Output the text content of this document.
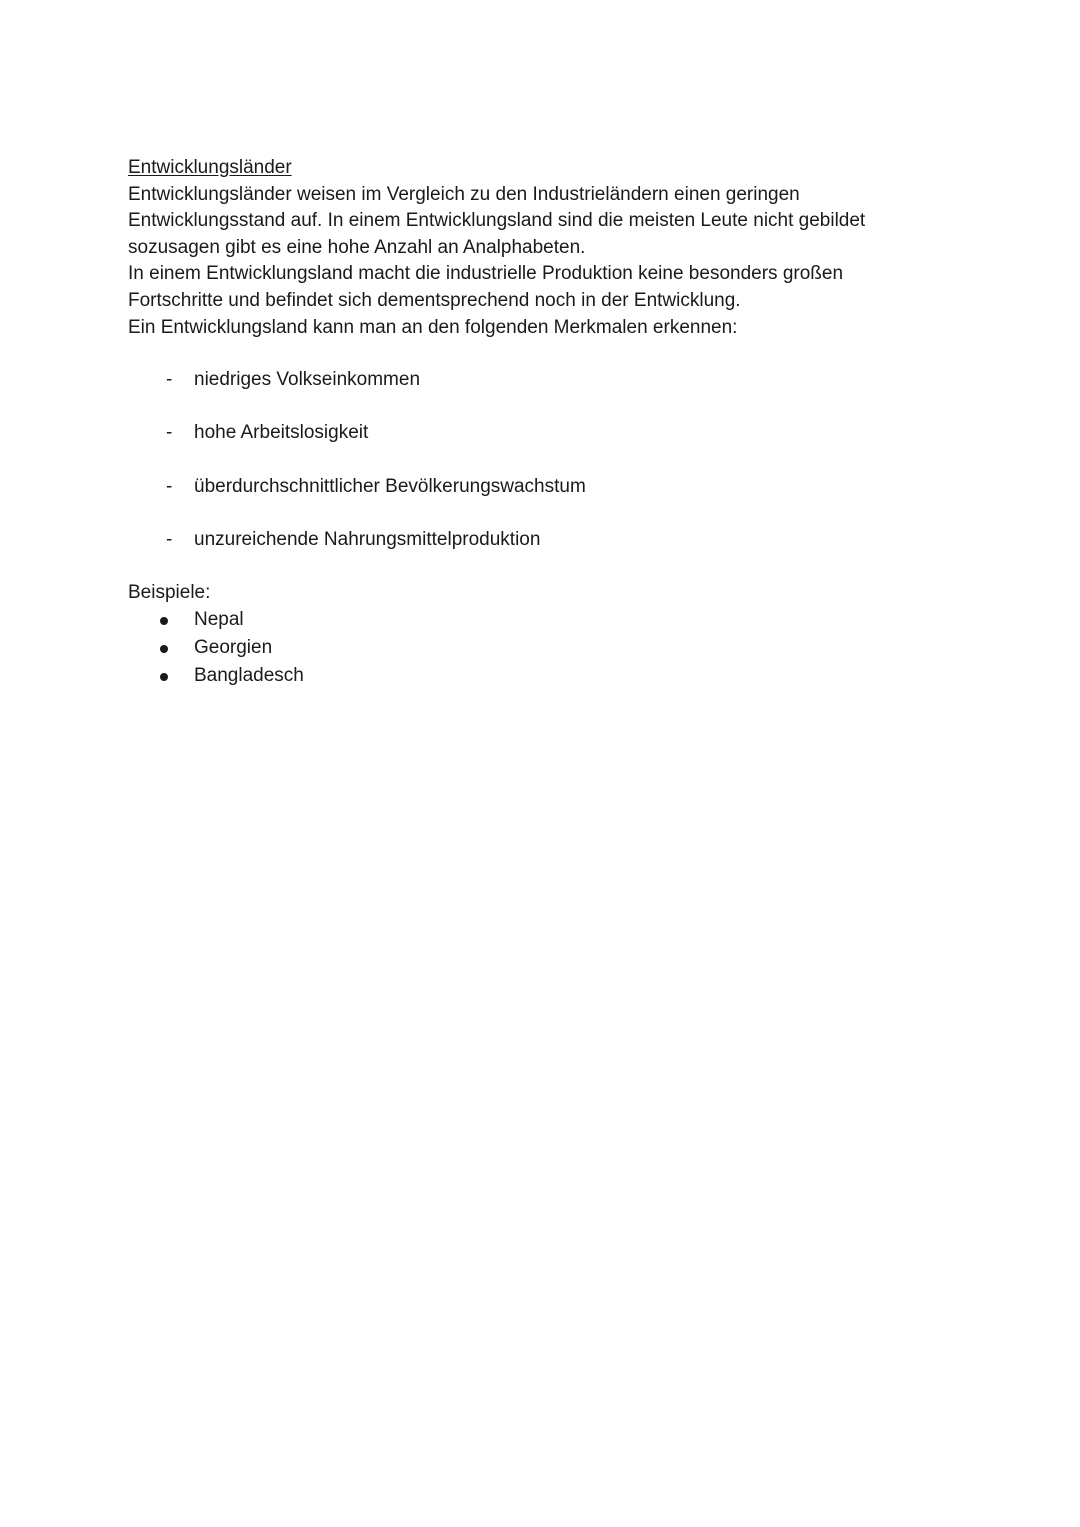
Entwicklungsländer
Entwicklungsländer weisen im Vergleich zu den Industrieländern einen geringen
Entwicklungsstand auf. In einem Entwicklungsland sind die meisten Leute nicht gebildet
sozusagen gibt es eine hohe Anzahl an Analphabeten.
In einem Entwicklungsland macht die industrielle Produktion keine besonders großen
Fortschritte und befindet sich dementsprechend noch in der Entwicklung.
Ein Entwicklungsland kann man an den folgenden Merkmalen erkennen:
- niedriges Volkseinkommen
- hohe Arbeitslosigkeit
- überdurchschnittlicher Bevölkerungswachstum
- unzureichende Nahrungsmittelproduktion
Beispiele:
Nepal
Georgien
Bangladesch
